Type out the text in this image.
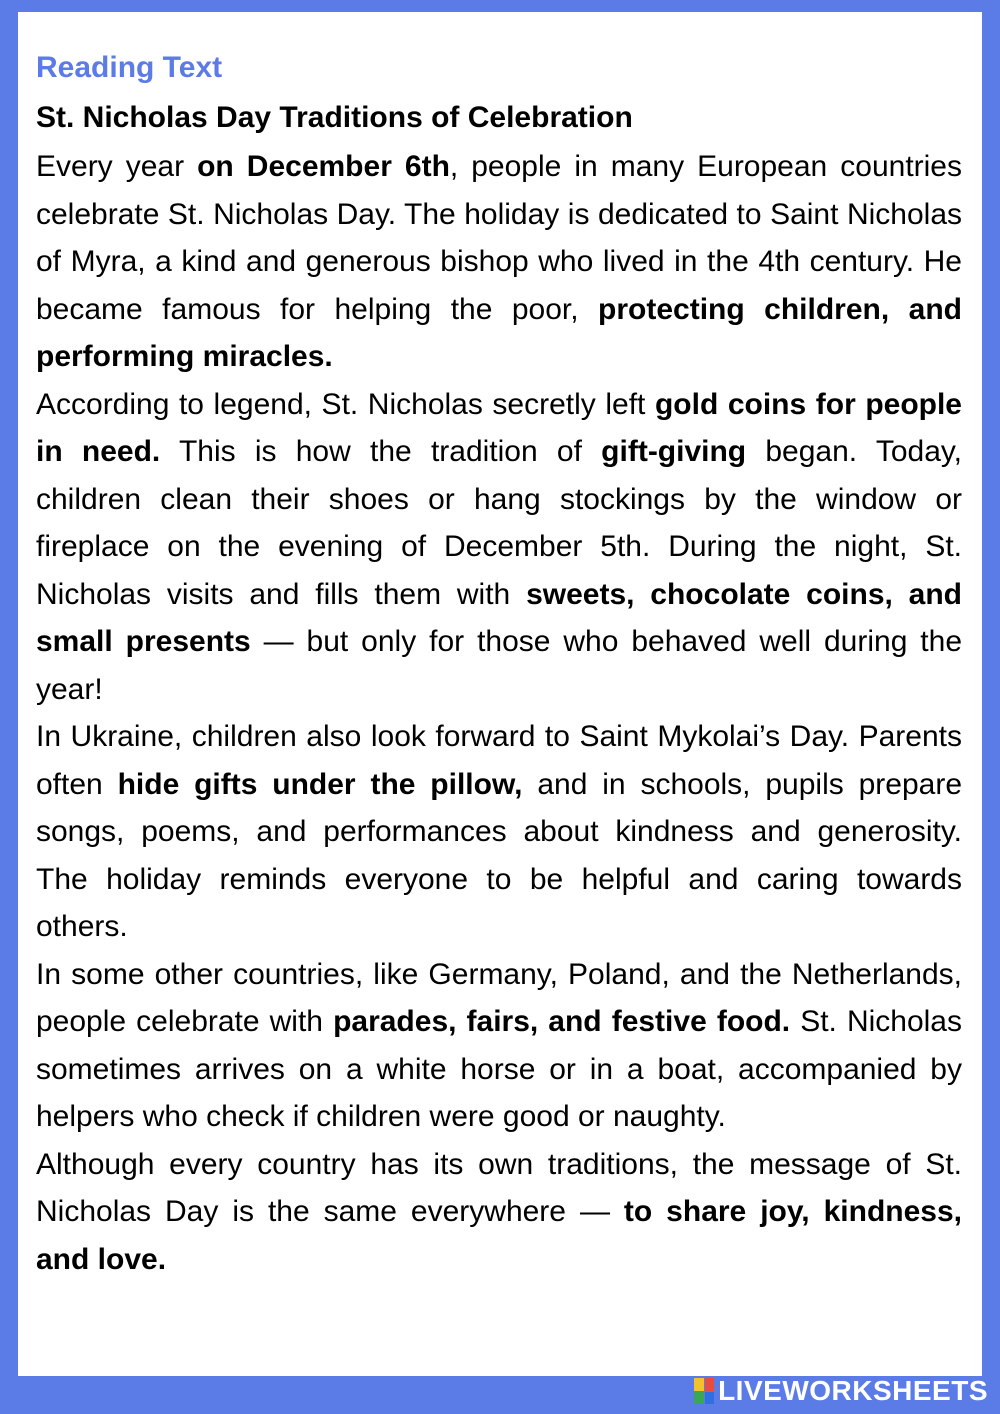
Reading Text
St. Nicholas Day Traditions of Celebration

Every year on December 6th, people in many European countries celebrate St. Nicholas Day. The holiday is dedicated to Saint Nicholas of Myra, a kind and generous bishop who lived in the 4th century. He became famous for helping the poor, protecting children, and performing miracles.

According to legend, St. Nicholas secretly left gold coins for people in need. This is how the tradition of gift-giving began. Today, children clean their shoes or hang stockings by the window or fireplace on the evening of December 5th. During the night, St. Nicholas visits and fills them with sweets, chocolate coins, and small presents — but only for those who behaved well during the year!

In Ukraine, children also look forward to Saint Mykolai’s Day. Parents often hide gifts under the pillow, and in schools, pupils prepare songs, poems, and performances about kindness and generosity. The holiday reminds everyone to be helpful and caring towards others.

In some other countries, like Germany, Poland, and the Netherlands, people celebrate with parades, fairs, and festive food. St. Nicholas sometimes arrives on a white horse or in a boat, accompanied by helpers who check if children were good or naughty.

Although every country has its own traditions, the message of St. Nicholas Day is the same everywhere — to share joy, kindness, and love.

LIVEWORKSHEETS
